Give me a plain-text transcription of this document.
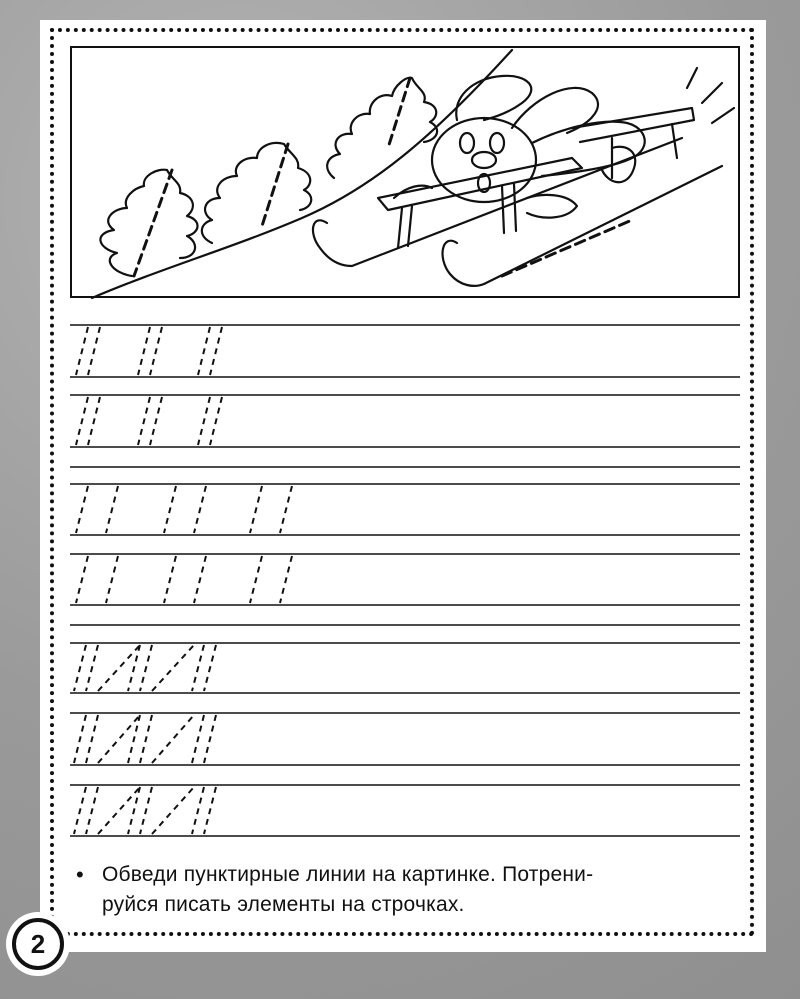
• Обведи пунктирные линии на картинке. Потрени-
руйся писать элементы на строчках.
2
